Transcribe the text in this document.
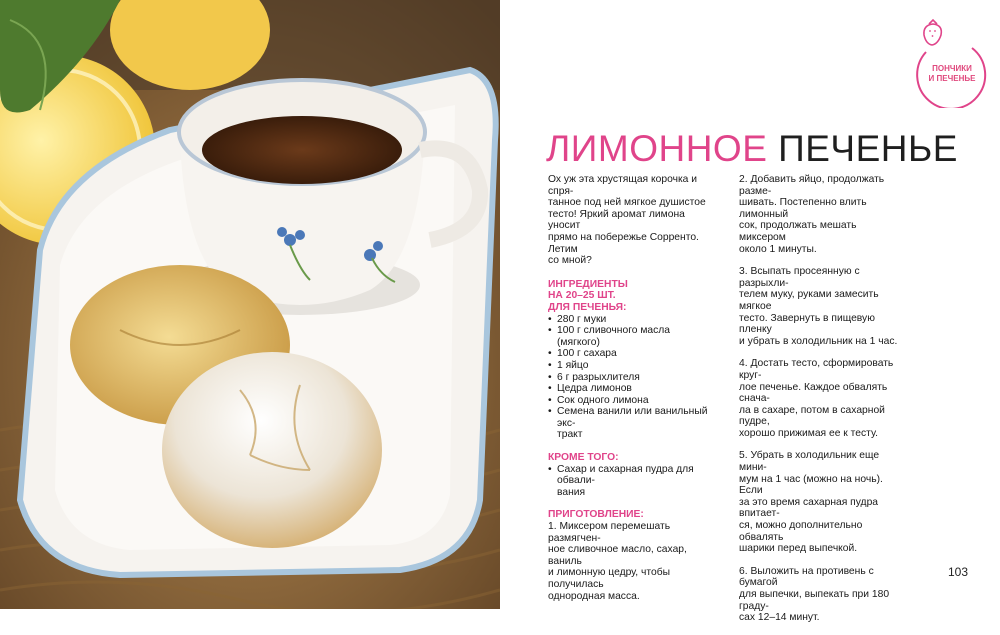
ПОНЧИКИ
И ПЕЧЕНЬЕ
ЛИМОННОЕ ПЕЧЕНЬЕ
Ох уж эта хрустящая корочка и спря-
танное под ней мягкое душистое
тесто! Яркий аромат лимона уносит
прямо на побережье Сорренто. Летим
со мной?
ИНГРЕДИЕНТЫ
НА 20–25 ШТ.
ДЛЯ ПЕЧЕНЬЯ:
• 280 г муки
• 100 г сливочного масла (мягкого)
• 100 г сахара
• 1 яйцо
• 6 г разрыхлителя
• Цедра лимонов
• Сок одного лимона
• Семена ванили или ванильный экс-
тракт
КРОМЕ ТОГО:
• Сахар и сахарная пудра для обвали-
вания
ПРИГОТОВЛЕНИЕ:
1. Миксером перемешать размягчен-
ное сливочное масло, сахар, ваниль
и лимонную цедру, чтобы получилась
однородная масса.
2. Добавить яйцо, продолжать разме-
шивать. Постепенно влить лимонный
сок, продолжать мешать миксером
около 1 минуты.
3. Всыпать просеянную с разрыхли-
телем муку, руками замесить мягкое
тесто. Завернуть в пищевую пленку
и убрать в холодильник на 1 час.
4. Достать тесто, сформировать круг-
лое печенье. Каждое обвалять снача-
ла в сахаре, потом в сахарной пудре,
хорошо прижимая ее к тесту.
5. Убрать в холодильник еще мини-
мум на 1 час (можно на ночь). Если
за это время сахарная пудра впитает-
ся, можно дополнительно обвалять
шарики перед выпечкой.
6. Выложить на противень с бумагой
для выпечки, выпекать при 180 граду-
сах 12–14 минут.
103
